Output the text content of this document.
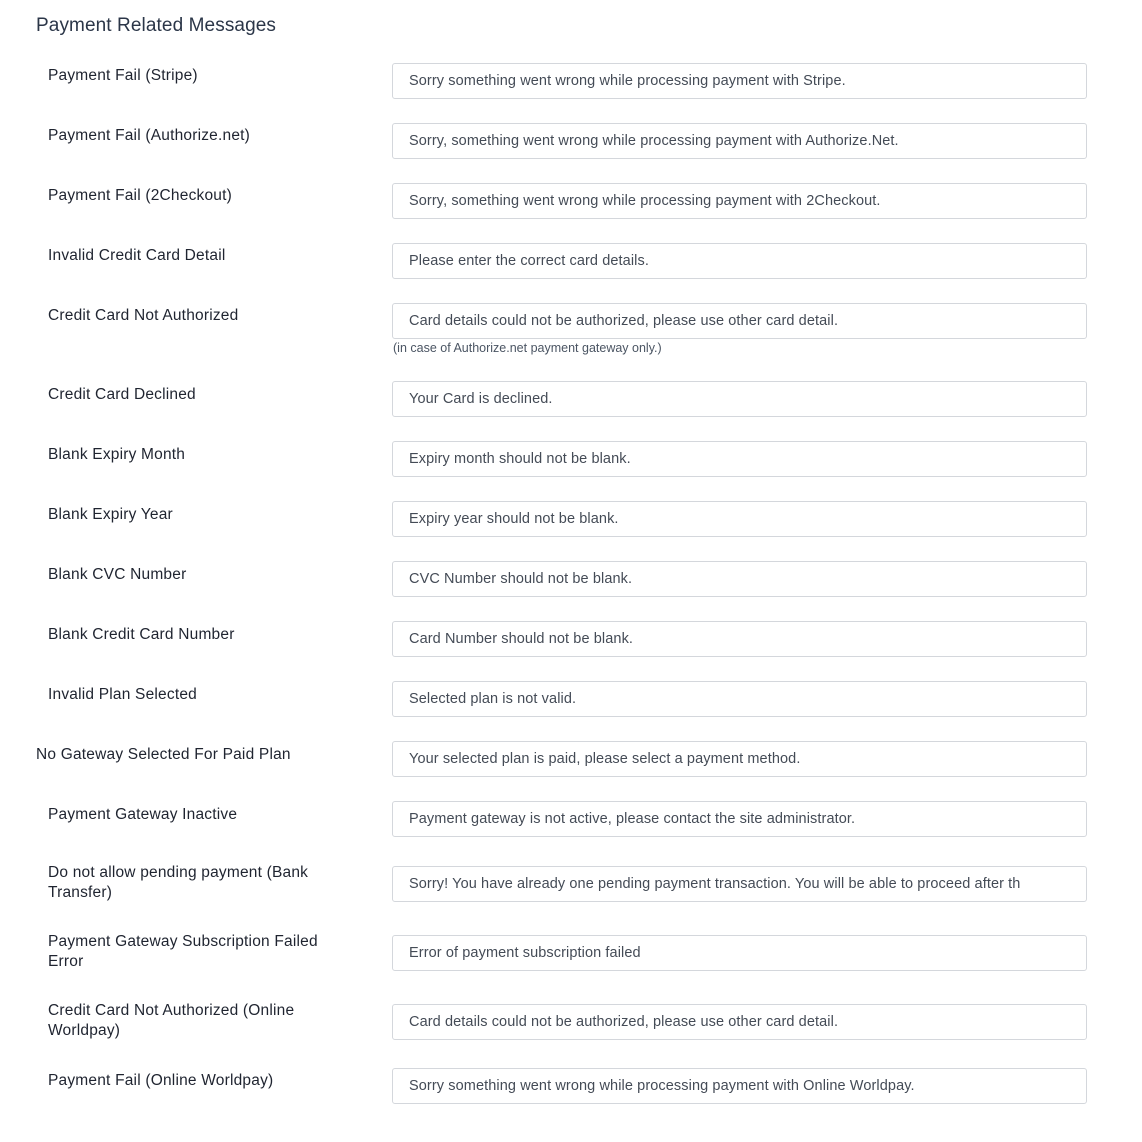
Payment Related Messages
Payment Fail (Stripe)
Sorry something went wrong while processing payment with Stripe.
Payment Fail (Authorize.net)
Sorry, something went wrong while processing payment with Authorize.Net.
Payment Fail (2Checkout)
Sorry, something went wrong while processing payment with 2Checkout.
Invalid Credit Card Detail
Please enter the correct card details.
Credit Card Not Authorized
Card details could not be authorized, please use other card detail.
(in case of Authorize.net payment gateway only.)
Credit Card Declined
Your Card is declined.
Blank Expiry Month
Expiry month should not be blank.
Blank Expiry Year
Expiry year should not be blank.
Blank CVC Number
CVC Number should not be blank.
Blank Credit Card Number
Card Number should not be blank.
Invalid Plan Selected
Selected plan is not valid.
No Gateway Selected For Paid Plan
Your selected plan is paid, please select a payment method.
Payment Gateway Inactive
Payment gateway is not active, please contact the site administrator.
Do not allow pending payment (Bank Transfer)
Sorry! You have already one pending payment transaction. You will be able to proceed after th
Payment Gateway Subscription Failed Error
Error of payment subscription failed
Credit Card Not Authorized (Online Worldpay)
Card details could not be authorized, please use other card detail.
Payment Fail (Online Worldpay)
Sorry something went wrong while processing payment with Online Worldpay.
